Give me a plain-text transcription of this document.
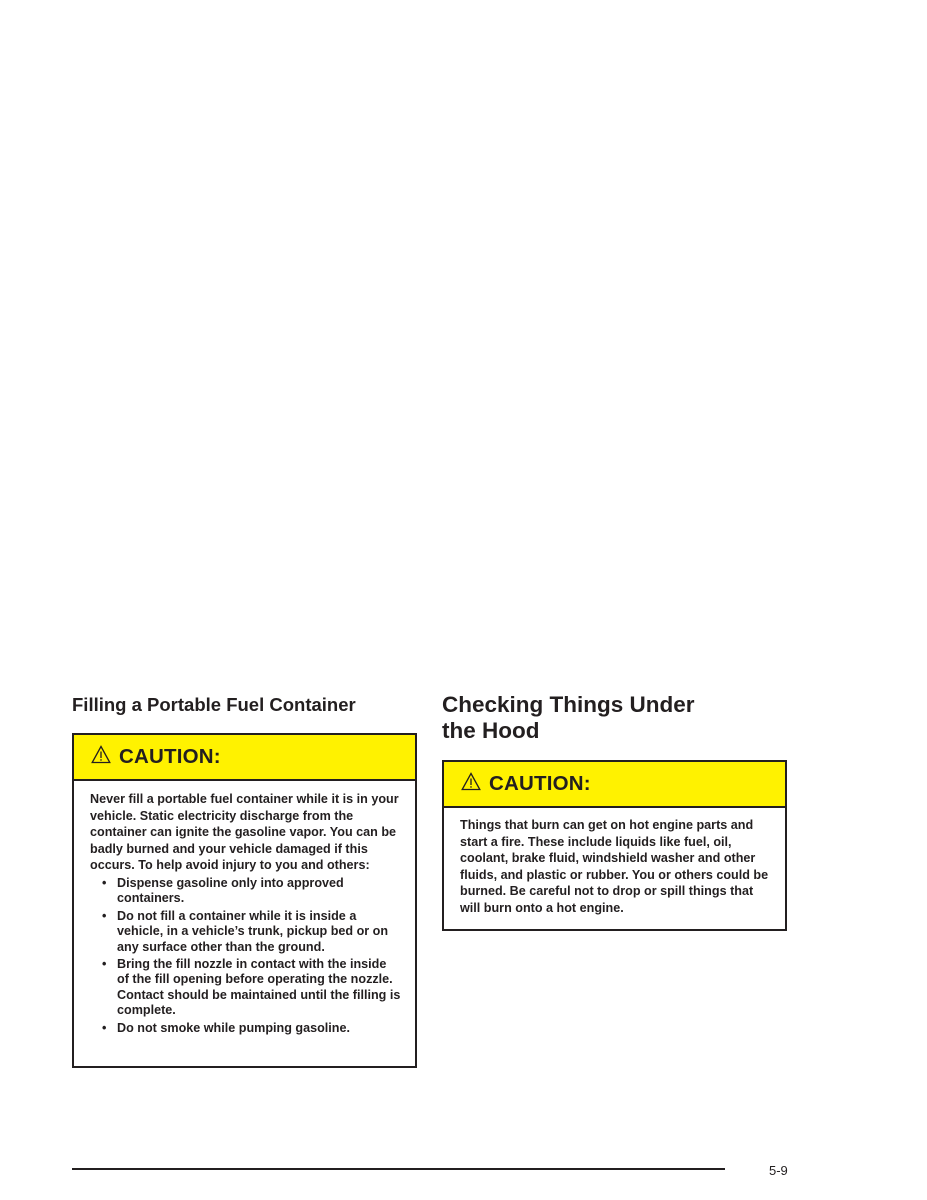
Filling a Portable Fuel Container
CAUTION:

Never fill a portable fuel container while it is in your vehicle. Static electricity discharge from the container can ignite the gasoline vapor. You can be badly burned and your vehicle damaged if this occurs. To help avoid injury to you and others:

• Dispense gasoline only into approved containers.
• Do not fill a container while it is inside a vehicle, in a vehicle’s trunk, pickup bed or on any surface other than the ground.
• Bring the fill nozzle in contact with the inside of the fill opening before operating the nozzle. Contact should be maintained until the filling is complete.
• Do not smoke while pumping gasoline.
Checking Things Under
the Hood
CAUTION:

Things that burn can get on hot engine parts and start a fire. These include liquids like fuel, oil, coolant, brake fluid, windshield washer and other fluids, and plastic or rubber. You or others could be burned. Be careful not to drop or spill things that will burn onto a hot engine.

5-9
